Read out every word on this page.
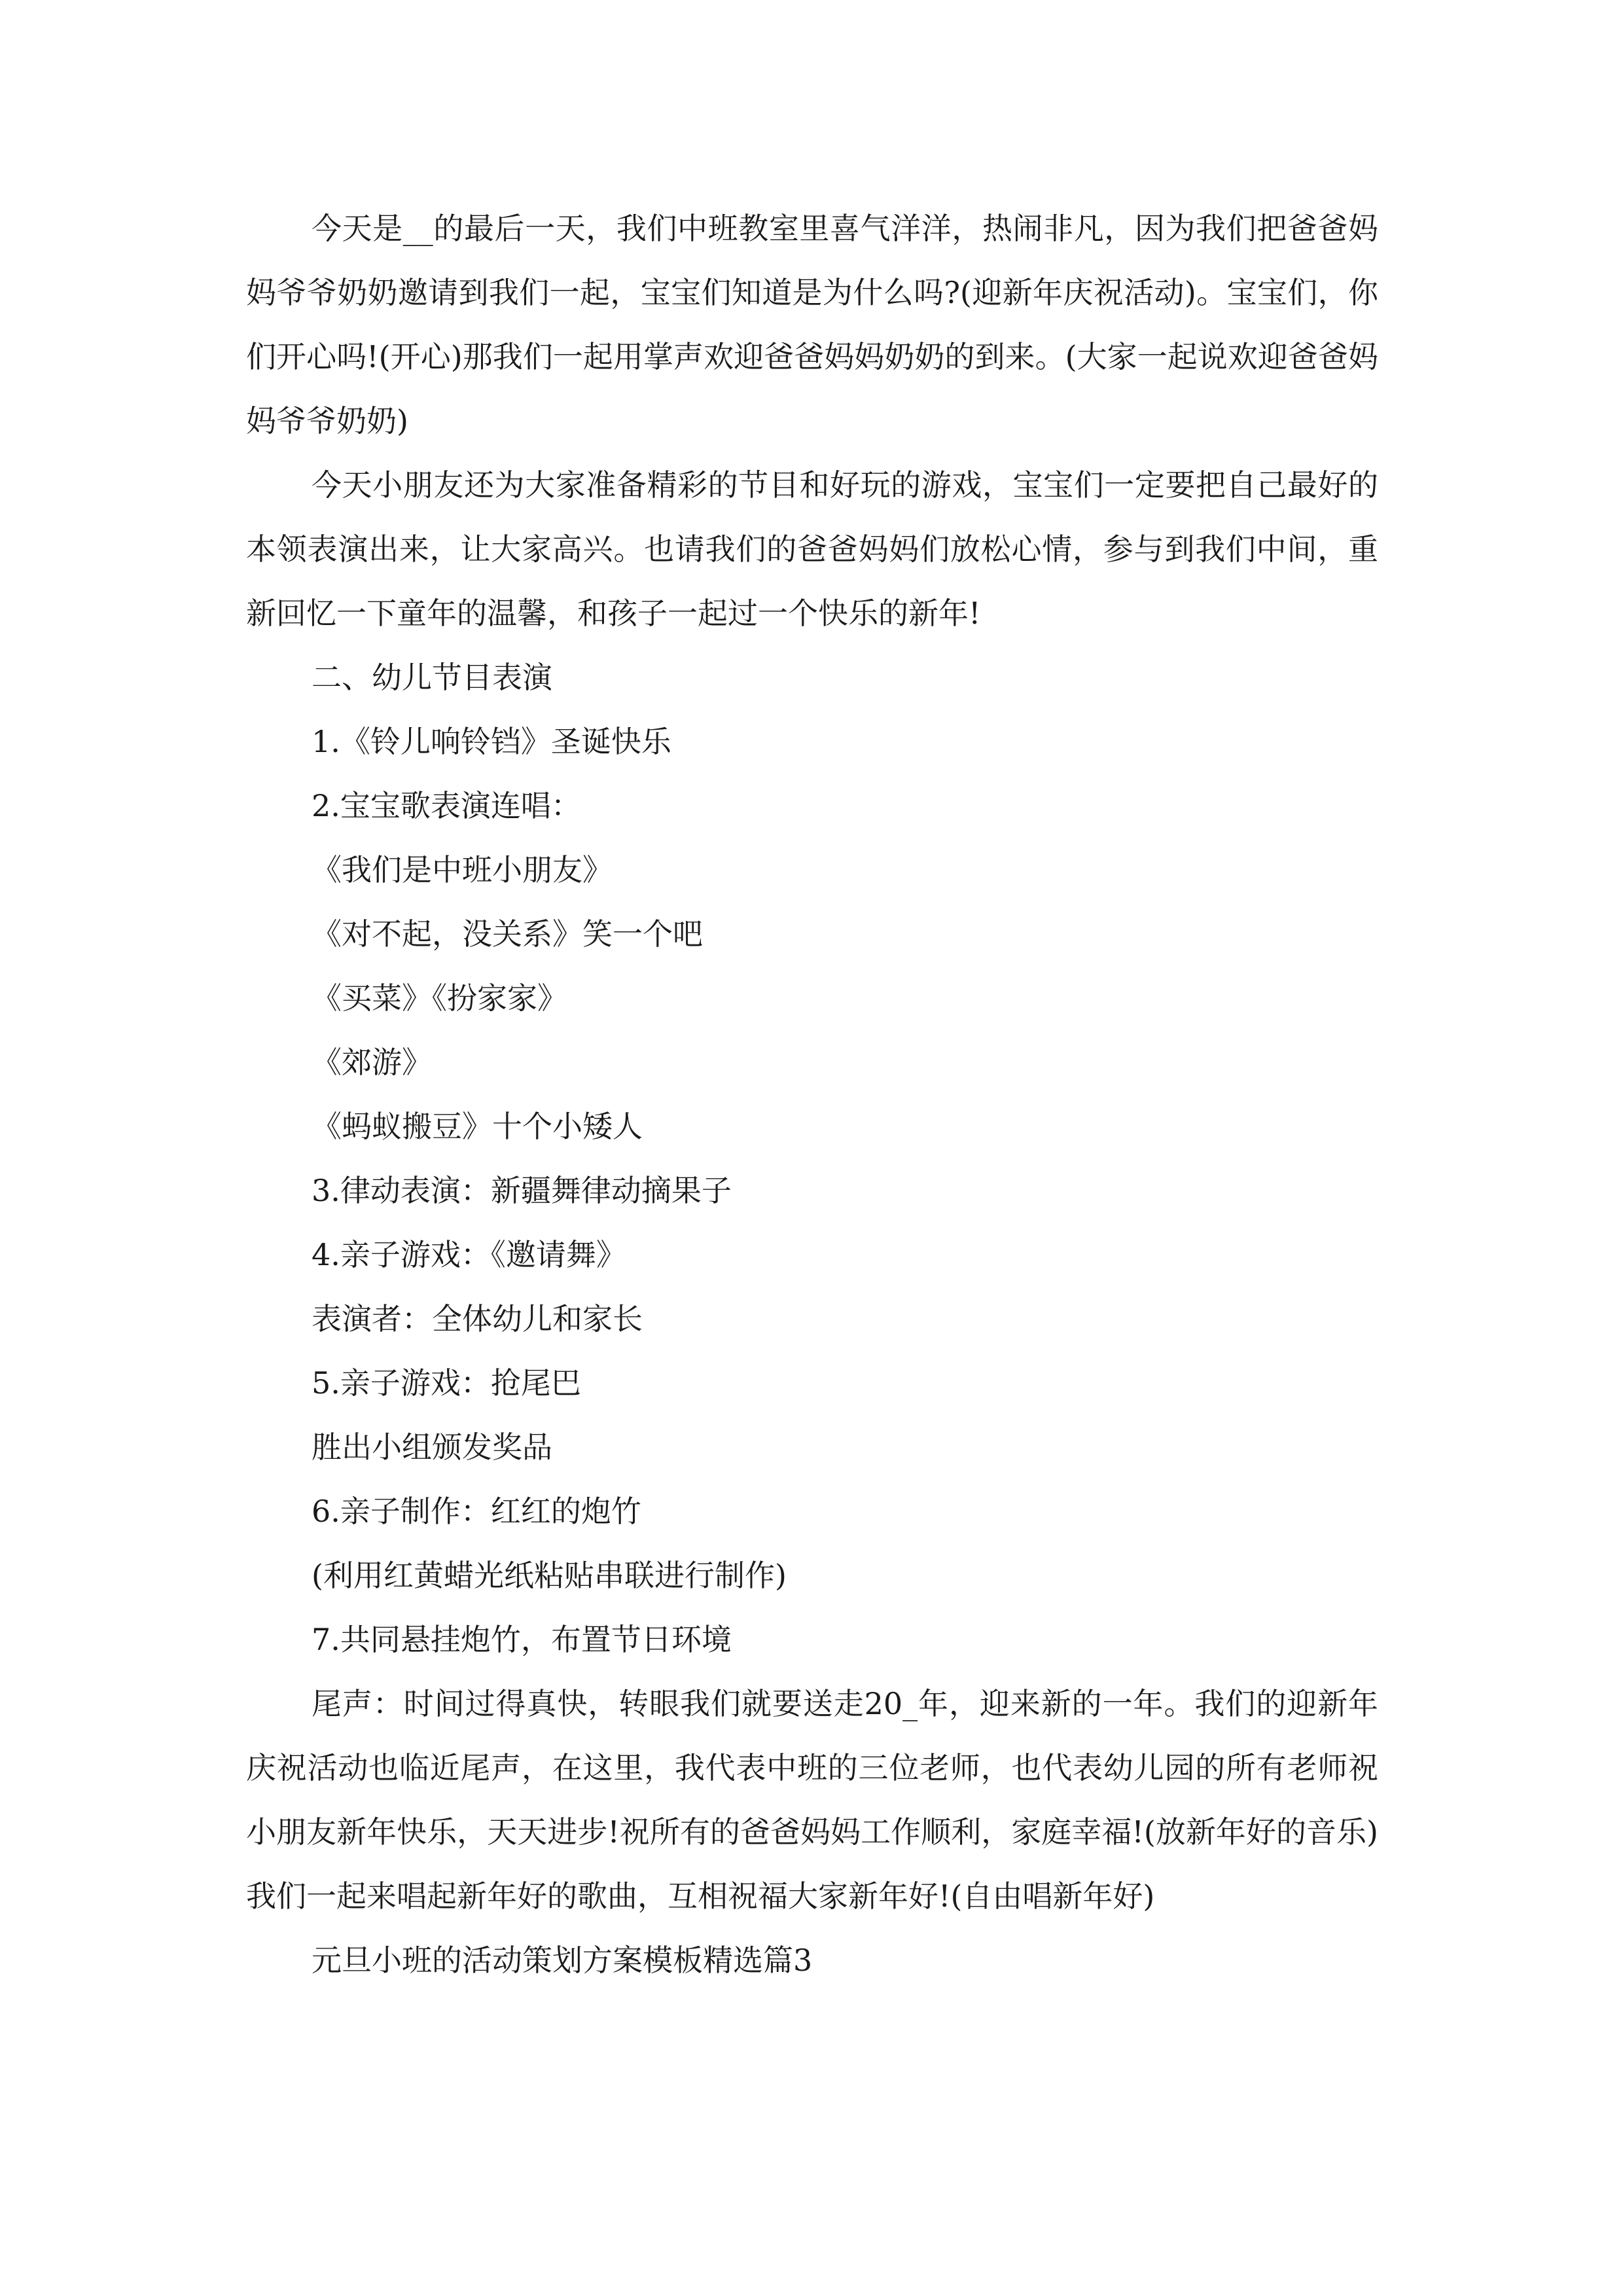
今天是__的最后一天，我们中班教室里喜气洋洋，热闹非凡，因为我们把爸爸妈妈爷爷奶奶邀请到我们一起，宝宝们知道是为什么吗?(迎新年庆祝活动)。宝宝们，你们开心吗!(开心)那我们一起用掌声欢迎爸爸妈妈奶奶的到来。(大家一起说欢迎爸爸妈妈爷爷奶奶)

今天小朋友还为大家准备精彩的节目和好玩的游戏，宝宝们一定要把自己最好的本领表演出来，让大家高兴。也请我们的爸爸妈妈们放松心情，参与到我们中间，重新回忆一下童年的温馨，和孩子一起过一个快乐的新年!

二、幼儿节目表演

1.《铃儿响铃铛》圣诞快乐

2.宝宝歌表演连唱：

《我们是中班小朋友》

《对不起，没关系》笑一个吧

《买菜》《扮家家》

《郊游》

《蚂蚁搬豆》十个小矮人

3.律动表演：新疆舞律动摘果子

4.亲子游戏：《邀请舞》

表演者：全体幼儿和家长

5.亲子游戏：抢尾巴

胜出小组颁发奖品

6.亲子制作：红红的炮竹

(利用红黄蜡光纸粘贴串联进行制作)

7.共同悬挂炮竹，布置节日环境

尾声：时间过得真快，转眼我们就要送走20_年，迎来新的一年。我们的迎新年庆祝活动也临近尾声，在这里，我代表中班的三位老师，也代表幼儿园的所有老师祝小朋友新年快乐，天天进步!祝所有的爸爸妈妈工作顺利，家庭幸福!(放新年好的音乐)我们一起来唱起新年好的歌曲，互相祝福大家新年好!(自由唱新年好)

元旦小班的活动策划方案模板精选篇3
